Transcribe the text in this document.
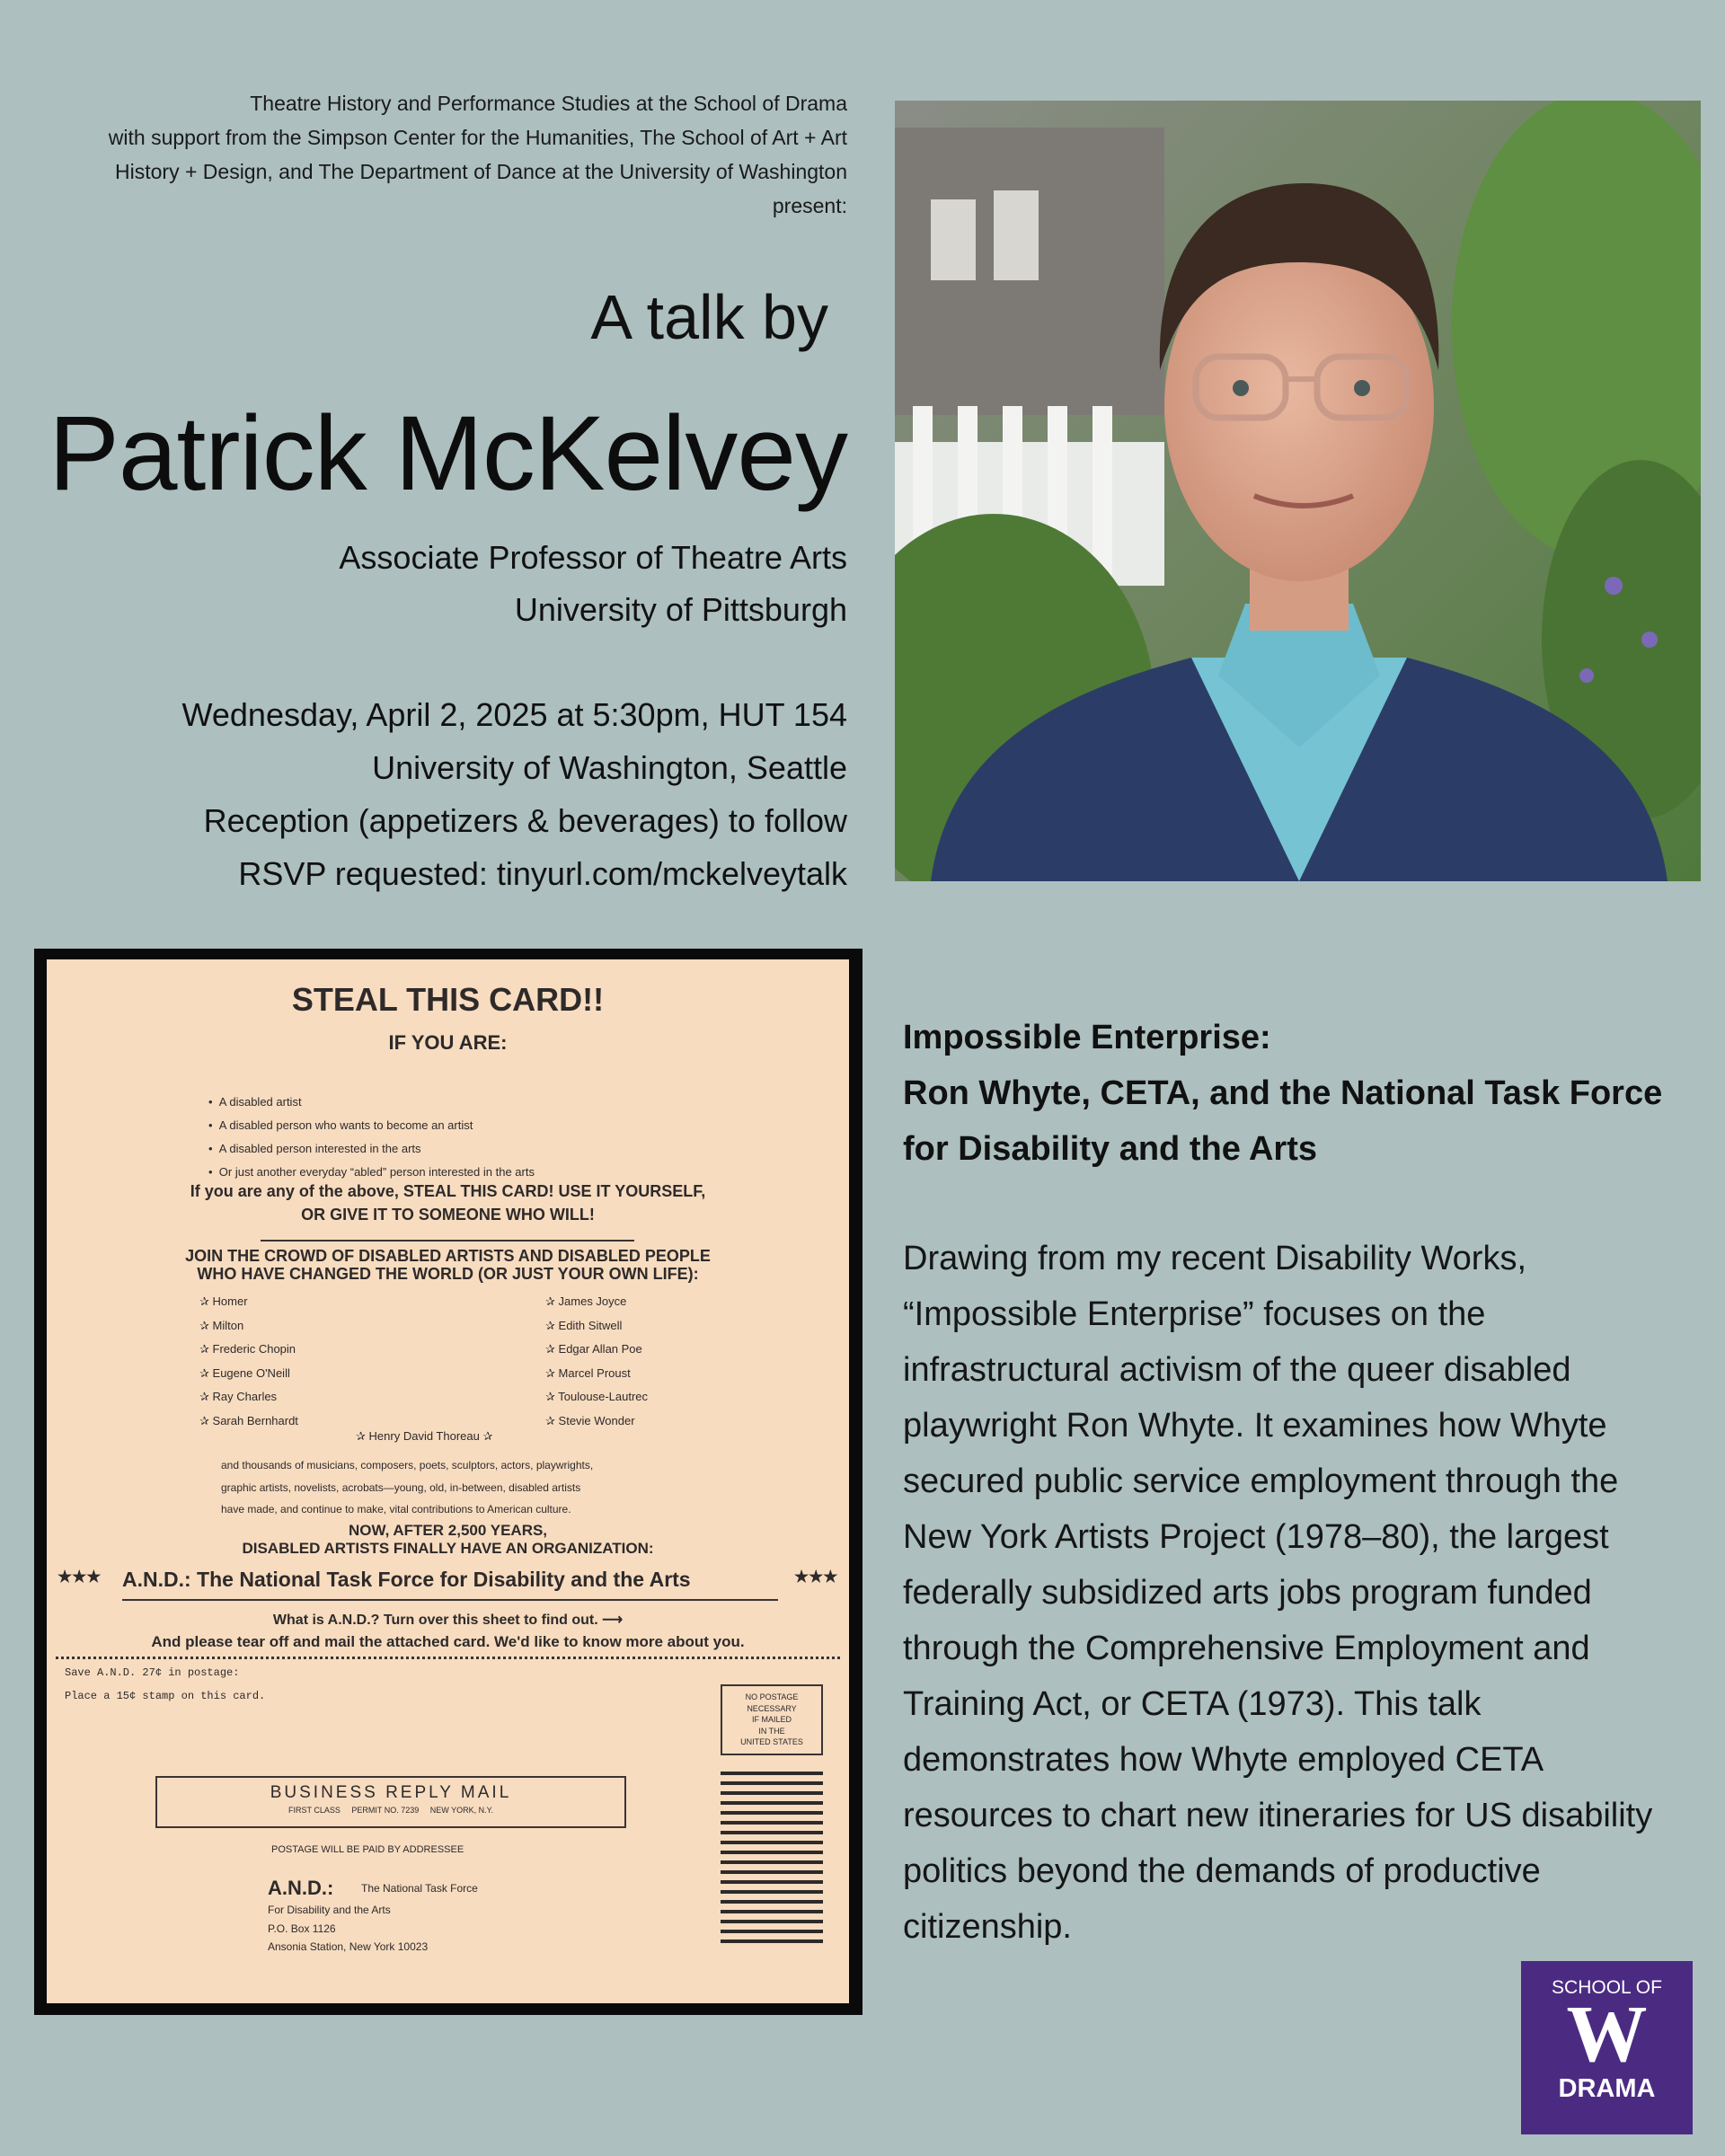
Theatre History and Performance Studies at the School of Drama
with support from the Simpson Center for the Humanities, The School of Art + Art
History + Design, and The Department of Dance at the University of Washington
present:
A talk by
Patrick McKelvey
Associate Professor of Theatre Arts
University of Pittsburgh
Wednesday, April 2, 2025 at 5:30pm, HUT 154
University of Washington, Seattle
Reception (appetizers & beverages) to follow
RSVP requested: tinyurl.com/mckelveytalk
STEAL THIS CARD!!
IF YOU ARE:
•  A disabled artist
•  A disabled person who wants to become an artist
•  A disabled person interested in the arts
•  Or just another everyday “abled” person interested in the arts
If you are any of the above, STEAL THIS CARD! USE IT YOURSELF,
OR GIVE IT TO SOMEONE WHO WILL!
JOIN THE CROWD OF DISABLED ARTISTS AND DISABLED PEOPLE
WHO HAVE CHANGED THE WORLD (OR JUST YOUR OWN LIFE):
✰ Homer
✰ Milton
✰ Frederic Chopin
✰ Eugene O'Neill
✰ Ray Charles
✰ Sarah Bernhardt
✰ James Joyce
✰ Edith Sitwell
✰ Edgar Allan Poe
✰ Marcel Proust
✰ Toulouse-Lautrec
✰ Stevie Wonder
✰ Henry David Thoreau ✰
and thousands of musicians, composers, poets, sculptors, actors, playwrights,
graphic artists, novelists, acrobats—young, old, in-between, disabled artists
have made, and continue to make, vital contributions to American culture.
NOW, AFTER 2,500 YEARS,
DISABLED ARTISTS FINALLY HAVE AN ORGANIZATION:
★★★ A.N.D.: The National Task Force for Disability and the Arts	★★★
What is A.N.D.? Turn over this sheet to find out. ⟶
And please tear off and mail the attached card. We'd like to know more about you.
Save A.N.D. 27¢ in postage:
Place a 15¢ stamp on this card.	NO POSTAGE
NECESSARY
IF MAILED
IN THE
UNITED STATES
BUSINESS REPLY MAIL
FIRST CLASS     PERMIT NO. 7239     NEW YORK, N.Y.
POSTAGE WILL BE PAID BY ADDRESSEE
A.N.D.:	The National Task Force
For Disability and the Arts
P.O. Box 1126
Ansonia Station, New York 10023
Impossible Enterprise:
Ron Whyte, CETA, and the National Task Force
for Disability and the Arts
Drawing from my recent Disability Works,
“Impossible Enterprise” focuses on the
infrastructural activism of the queer disabled
playwright Ron Whyte. It examines how Whyte
secured public service employment through the
New York Artists Project (1978–80), the largest
federally subsidized arts jobs program funded
through the Comprehensive Employment and
Training Act, or CETA (1973). This talk
demonstrates how Whyte employed CETA
resources to chart new itineraries for US disability
politics beyond the demands of productive
citizenship.
SCHOOL OF
W
DRAMA
